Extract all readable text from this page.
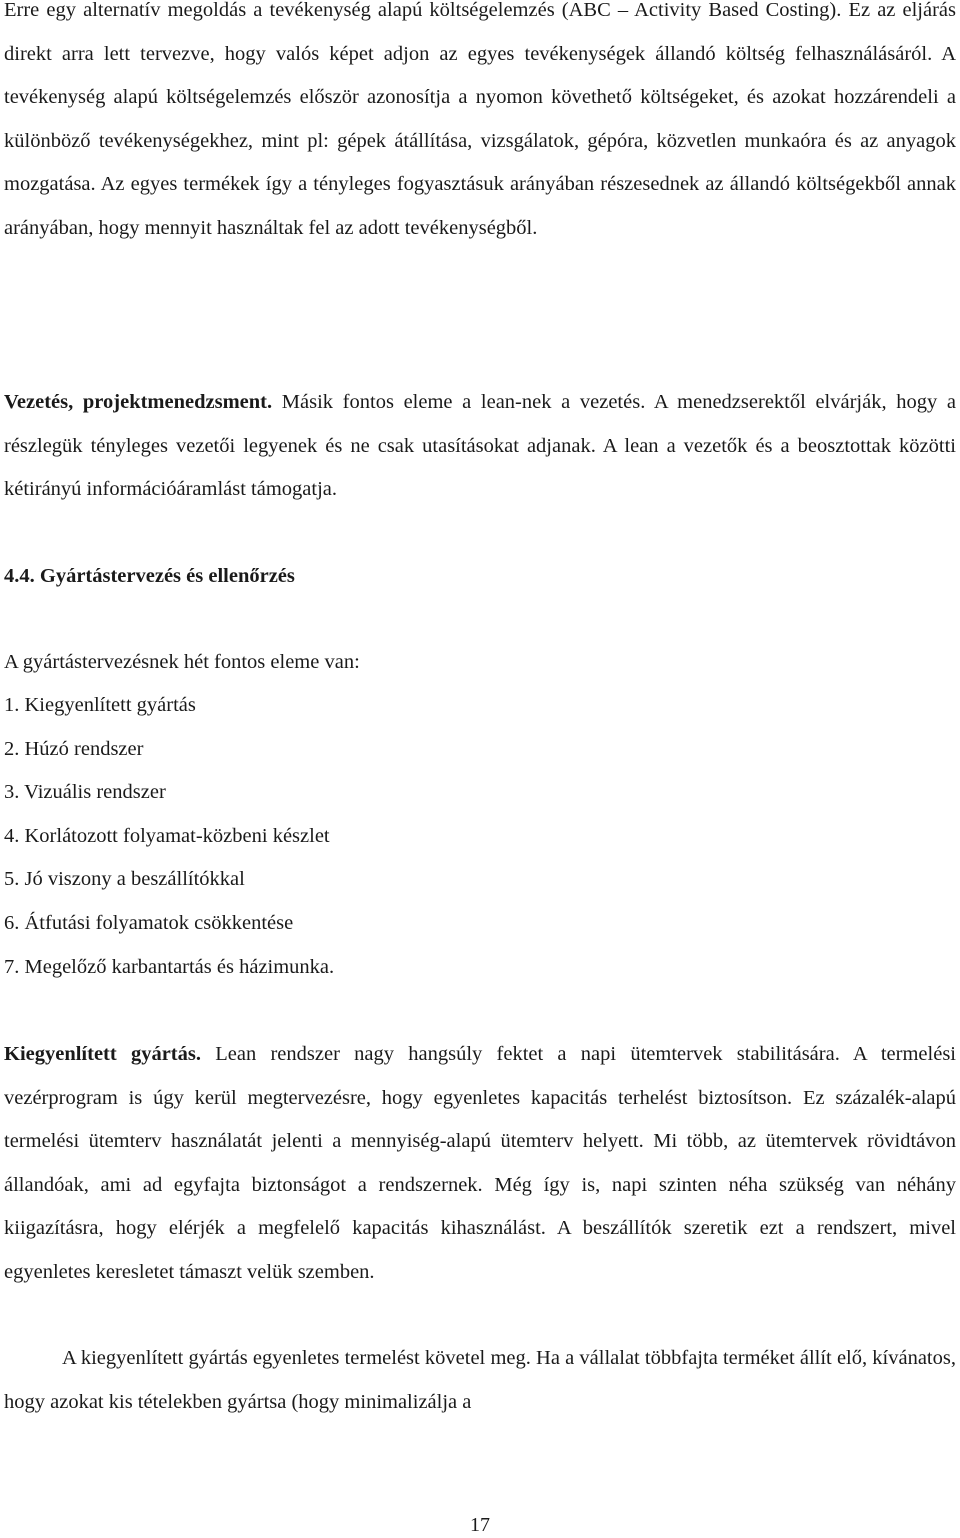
Erre egy alternatív megoldás a tevékenység alapú költségelemzés (ABC – Activity Based Costing). Ez az eljárás direkt arra lett tervezve, hogy valós képet adjon az egyes tevékenységek állandó költség felhasználásáról. A tevékenység alapú költségelemzés először azonosítja a nyomon követhető költségeket, és azokat hozzárendeli a különböző tevékenységekhez, mint pl: gépek átállítása, vizsgálatok, gépóra, közvetlen munkaóra és az anyagok mozgatása. Az egyes termékek így a tényleges fogyasztásuk arányában részesednek az állandó költségekből annak arányában, hogy mennyit használtak fel az adott tevékenységből.

Vezetés, projektmenedzsment. Másik fontos eleme a lean-nek a vezetés. A menedzserektől elvárják, hogy a részlegük tényleges vezetői legyenek és ne csak utasításokat adjanak. A lean a vezetők és a beosztottak közötti kétirányú információáramlást támogatja.

4.4. Gyártástervezés és ellenőrzés

A gyártástervezésnek hét fontos eleme van:

1. Kiegyenlített gyártás
2. Húzó rendszer
3. Vizuális rendszer
4. Korlátozott folyamat-közbeni készlet
5. Jó viszony a beszállítókkal
6. Átfutási folyamatok csökkentése
7. Megelőző karbantartás és házimunka.

Kiegyenlített gyártás. Lean rendszer nagy hangsúly fektet a napi ütemtervek stabilitására. A termelési vezérprogram is úgy kerül megtervezésre, hogy egyenletes kapacitás terhelést biztosítson. Ez százalék-alapú termelési ütemterv használatát jelenti a mennyiség-alapú ütemterv helyett. Mi több, az ütemtervek rövidtávon állandóak, ami ad egyfajta biztonságot a rendszernek. Még így is, napi szinten néha szükség van néhány kiigazításra, hogy elérjék a megfelelő kapacitás kihasználást. A beszállítók szeretik ezt a rendszert, mivel egyenletes keresletet támaszt velük szemben.

A kiegyenlített gyártás egyenletes termelést követel meg. Ha a vállalat többfajta terméket állít elő, kívánatos, hogy azokat kis tételekben gyártsa (hogy minimalizálja a

17
